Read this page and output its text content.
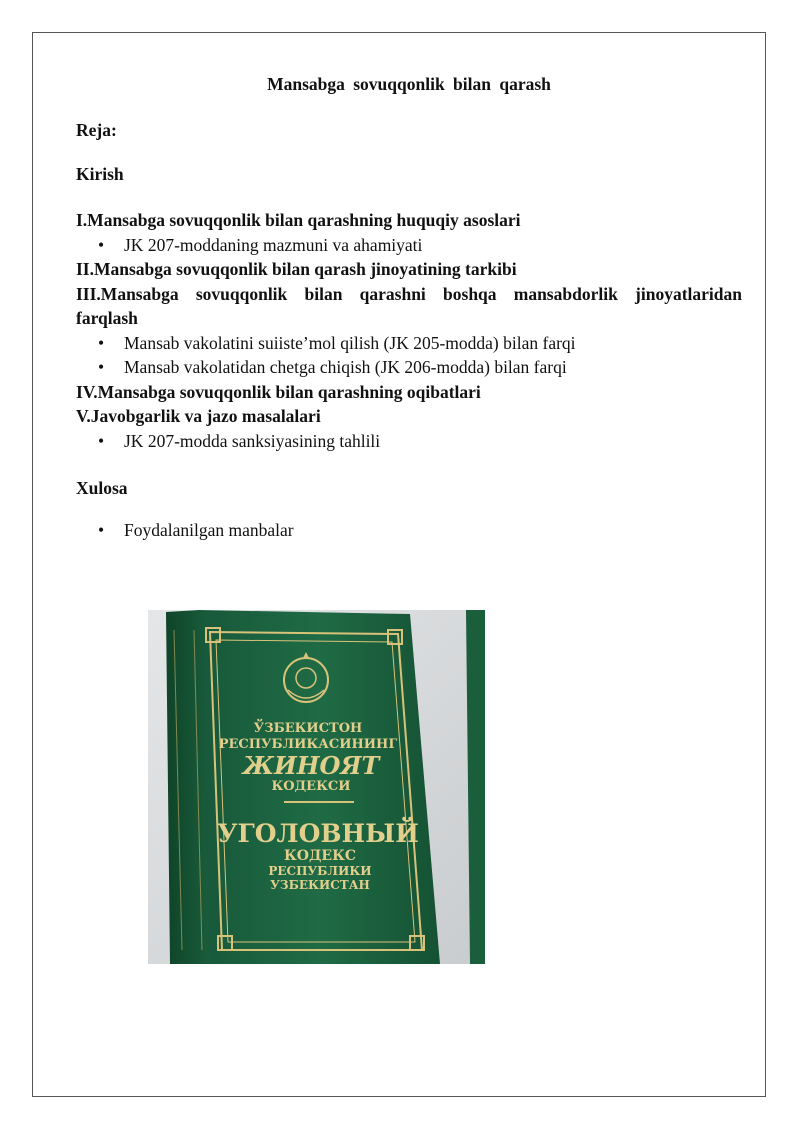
Mansabga sovuqqonlik bilan qarash
Reja:
Kirish
I.Mansabga sovuqqonlik bilan qarashning huquqiy asoslari
• JK 207-moddaning mazmuni va ahamiyati
II.Mansabga sovuqqonlik bilan qarash jinoyatining tarkibi
III.Mansabga sovuqqonlik bilan qarashni boshqa mansabdorlik jinoyatlaridan
farqlash
• Mansab vakolatini suiiste’mol qilish (JK 205-modda) bilan farqi
• Mansab vakolatidan chetga chiqish (JK 206-modda) bilan farqi
IV.Mansabga sovuqqonlik bilan qarashning oqibatlari
V.Javobgarlik va jazo masalalari
• JK 207-modda sanksiyasining tahlili
Xulosa
• Foydalanilgan manbalar
ЎЗБЕКИСТОН
РЕСПУБЛИКАСИНИНГ
ЖИНОЯТ
КОДЕКСИ
УГОЛОВНЫЙ
КОДЕКС
РЕСПУБЛИКИ
УЗБЕКИСТАН
